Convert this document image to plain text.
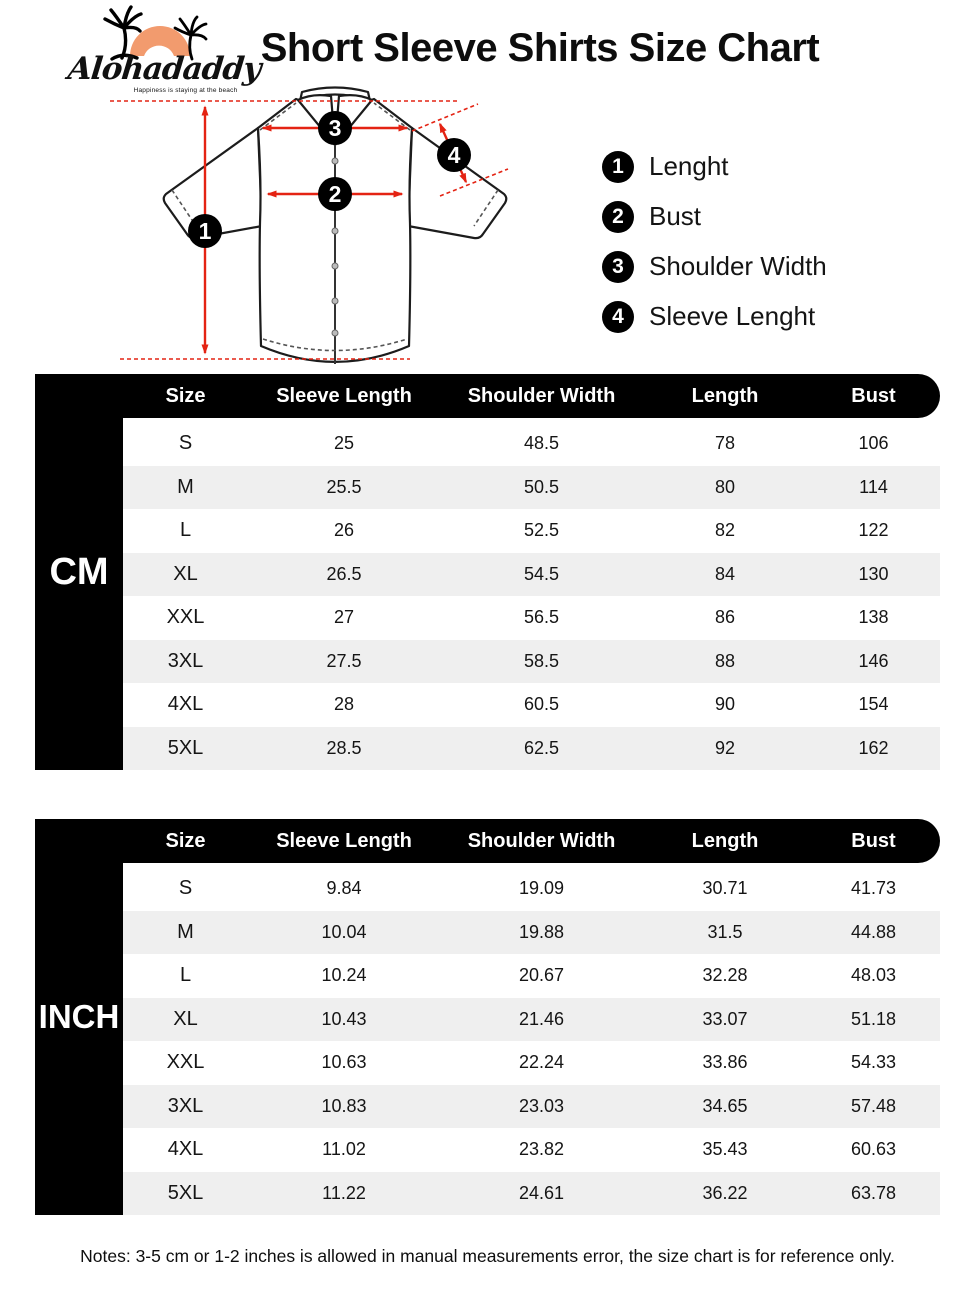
Alohadaddy
Happiness is staying at the beach
Short Sleeve Shirts Size Chart
1
2
3
4	1 Lenght
2 Bust
3 Shoulder Width
4 Sleeve Lenght
CM
Size	Sleeve Length	Shoulder Width	Length	Bust
S	25	48.5	78	106
M	25.5	50.5	80	114
L	26	52.5	82	122
XL	26.5	54.5	84	130
XXL	27	56.5	86	138
3XL	27.5	58.5	88	146
4XL	28	60.5	90	154
5XL	28.5	62.5	92	162
INCH
Size	Sleeve Length	Shoulder Width	Length	Bust
S	9.84	19.09	30.71	41.73
M	10.04	19.88	31.5	44.88
L	10.24	20.67	32.28	48.03
XL	10.43	21.46	33.07	51.18
XXL	10.63	22.24	33.86	54.33
3XL	10.83	23.03	34.65	57.48
4XL	11.02	23.82	35.43	60.63
5XL	11.22	24.61	36.22	63.78
Notes: 3-5 cm or 1-2 inches is allowed in manual measurements error, the size chart is for reference only.
